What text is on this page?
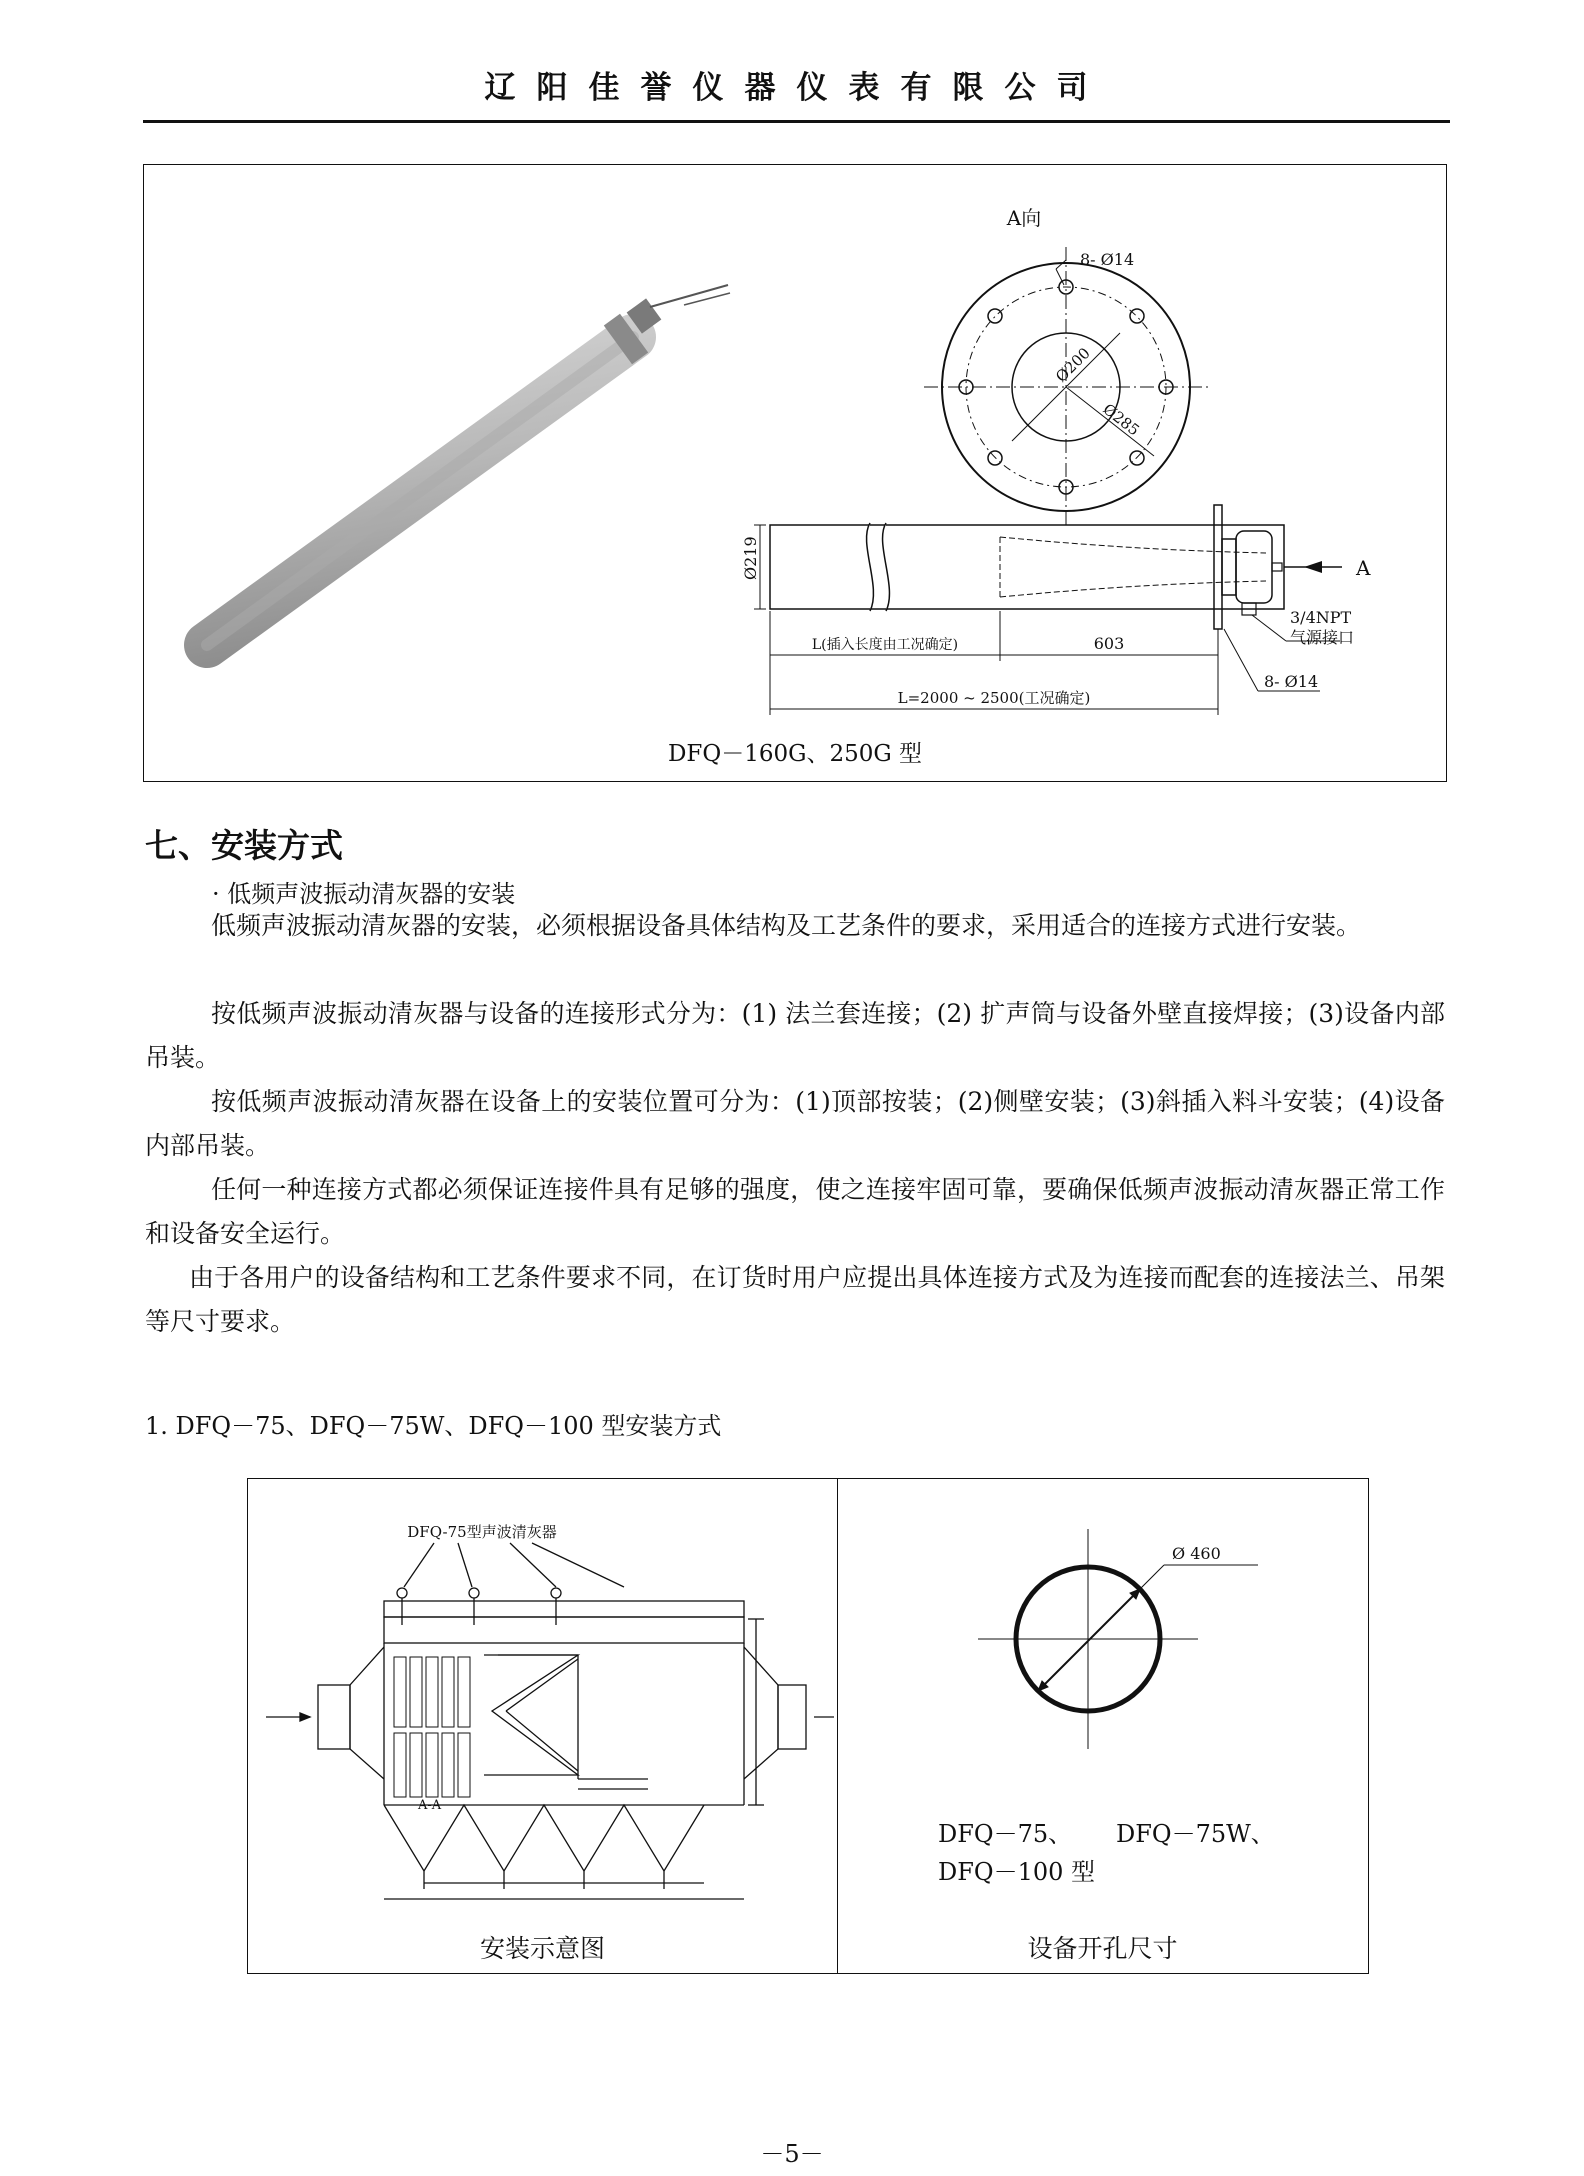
辽阳佳誉仪器仪表有限公司
A向
8- Ø14
Ø200
Ø285
A
Ø219
3/4NPT
气源接口
L(插入长度由工况确定)	603
L=2000 ~ 2500(工况确定)
8- Ø14
DFQ－160G、250G 型
七、安装方式
· 低频声波振动清灰器的安装
低频声波振动清灰器的安装，必须根据设备具体结构及工艺条件的要求，采用适合的连接方式进行安装。
按低频声波振动清灰器与设备的连接形式分为：(1) 法兰套连接；(2) 扩声筒与设备外壁直接焊接；(3)设备内部吊装。
按低频声波振动清灰器在设备上的安装位置可分为：(1)顶部按装；(2)侧壁安装；(3)斜插入料斗安装；(4)设备内部吊装。
任何一种连接方式都必须保证连接件具有足够的强度，使之连接牢固可靠，要确保低频声波振动清灰器正常工作和设备安全运行。
由于各用户的设备结构和工艺条件要求不同，在订货时用户应提出具体连接方式及为连接而配套的连接法兰、吊架等尺寸要求。
1. DFQ－75、DFQ－75W、DFQ－100 型安装方式
DFQ-75型声波清灰器
A-A
Ø 460
DFQ－75、 DFQ－75W、
DFQ－100 型
安装示意图	设备开孔尺寸
－5－
